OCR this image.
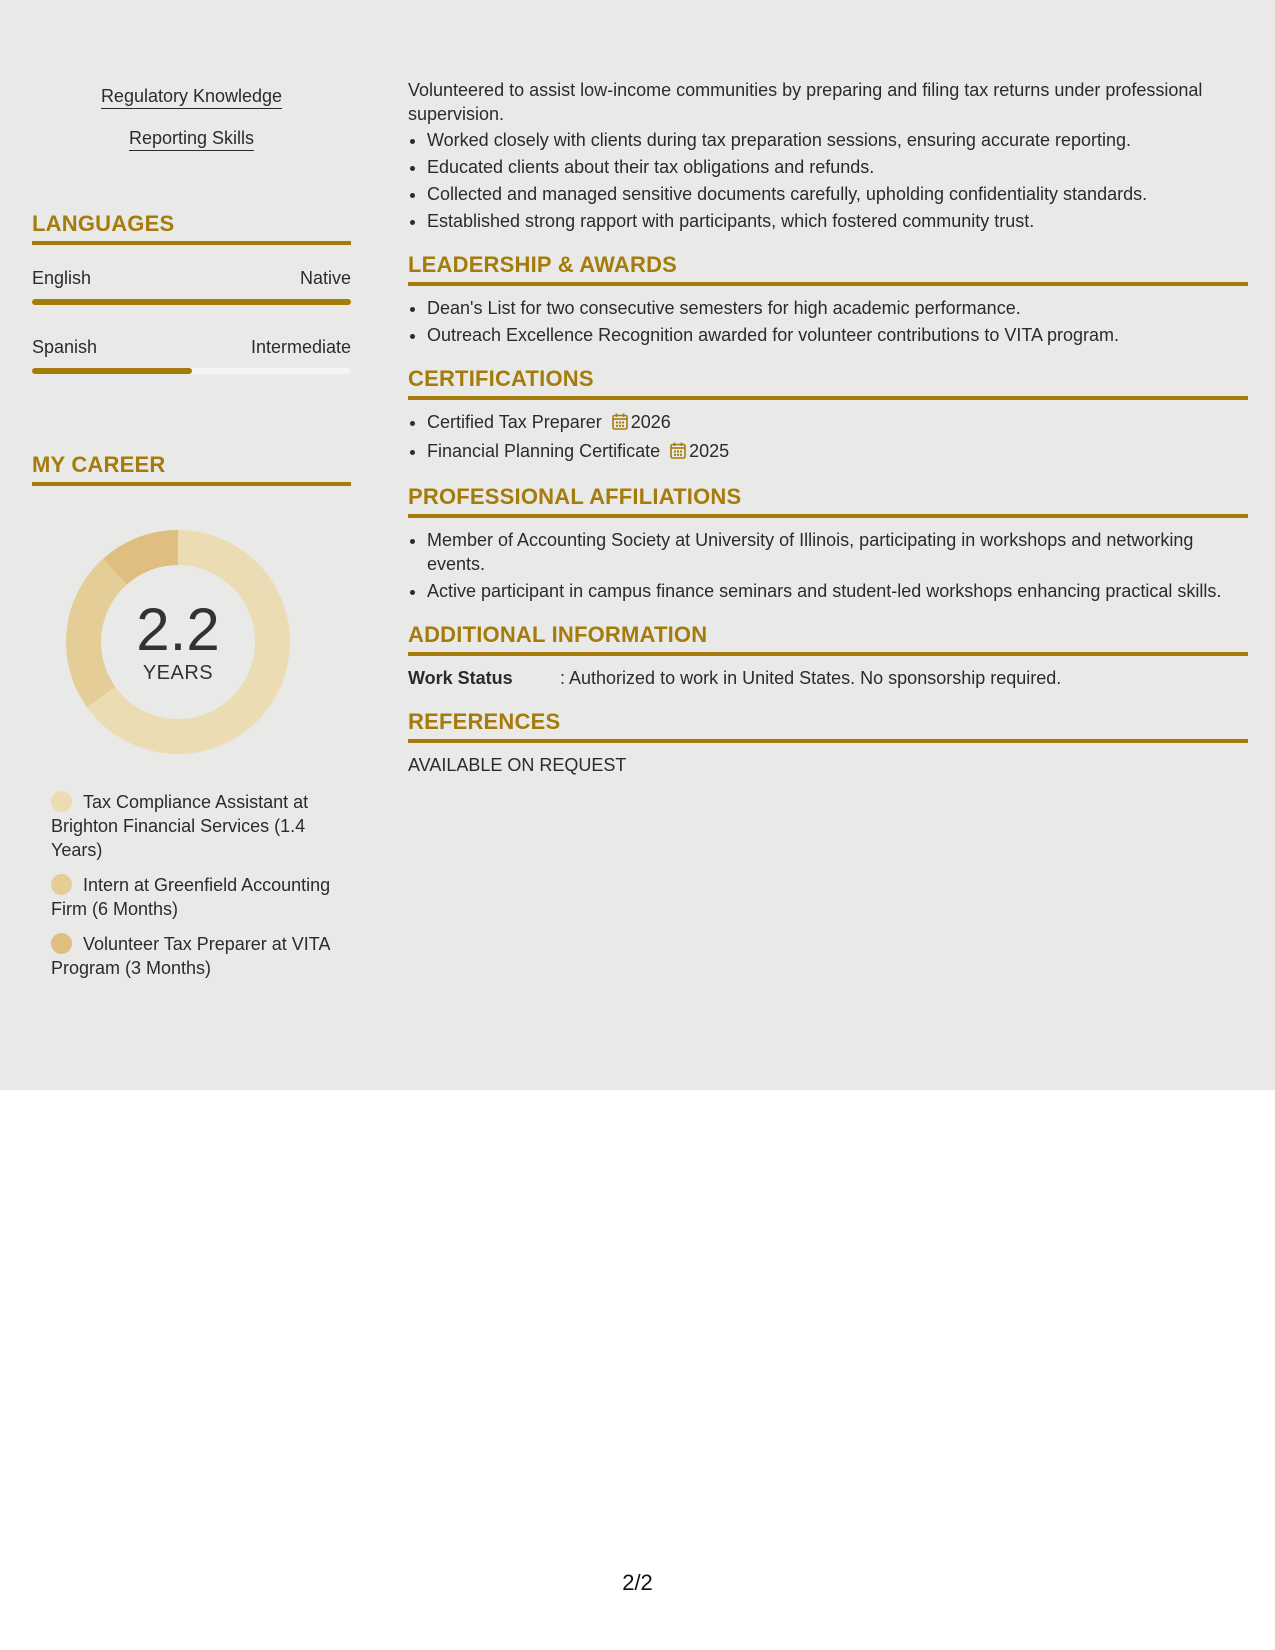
Regulatory Knowledge
Reporting Skills
LANGUAGES
English	Native
Spanish	Intermediate
MY CAREER
2.2
YEARS
Tax Compliance Assistant at Brighton Financial Services (1.4 Years)
Intern at Greenfield Accounting Firm (6 Months)
Volunteer Tax Preparer at VITA Program (3 Months)

Volunteered to assist low-income communities by preparing and filing tax returns under professional supervision.

• Worked closely with clients during tax preparation sessions, ensuring accurate reporting.
• Educated clients about their tax obligations and refunds.
• Collected and managed sensitive documents carefully, upholding confidentiality standards.
• Established strong rapport with participants, which fostered community trust.
LEADERSHIP & AWARDS
• Dean's List for two consecutive semesters for high academic performance.
• Outreach Excellence Recognition awarded for volunteer contributions to VITA program.
CERTIFICATIONS
• Certified Tax Preparer 2026
• Financial Planning Certificate 2025
PROFESSIONAL AFFILIATIONS
• Member of Accounting Society at University of Illinois, participating in workshops and networking events.
• Active participant in campus finance seminars and student-led workshops enhancing practical skills.
ADDITIONAL INFORMATION
Work Status	: Authorized to work in United States. No sponsorship required.
REFERENCES

AVAILABLE ON REQUEST

2/2
